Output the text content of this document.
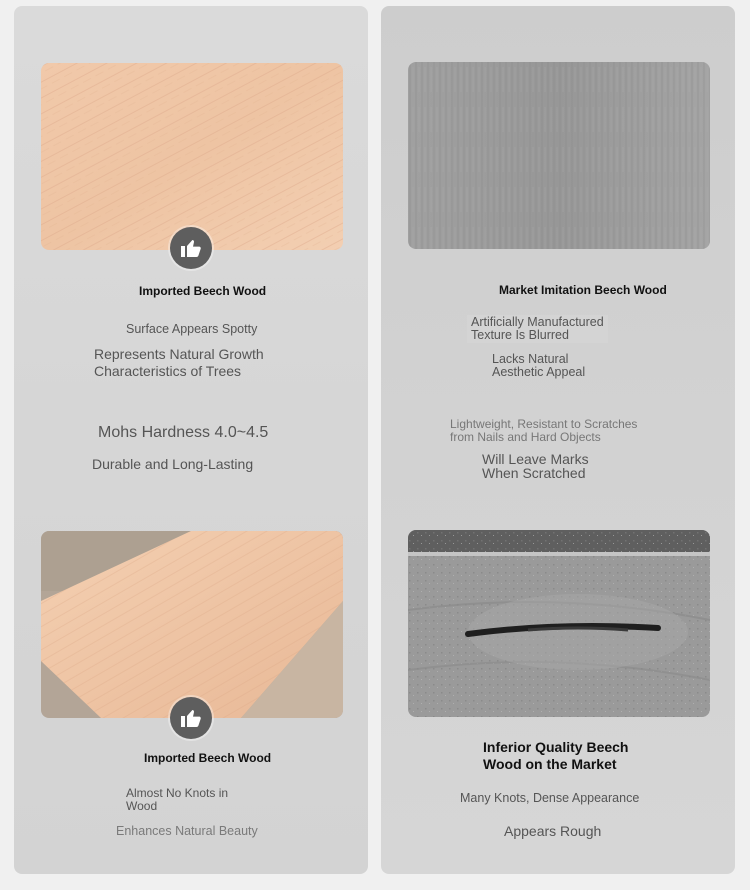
Imported Beech Wood

Surface Appears Spotty

Represents Natural Growth
Characteristics of Trees

Mohs Hardness 4.0~4.5

Durable and Long-Lasting

Imported Beech Wood

Almost No Knots in
Wood

Enhances Natural Beauty

Market Imitation Beech Wood

Artificially Manufactured
Texture Is Blurred

Lacks Natural
Aesthetic Appeal

Lightweight, Resistant to Scratches
from Nails and Hard Objects

Will Leave Marks
When Scratched

Inferior Quality Beech
Wood on the Market

Many Knots, Dense Appearance

Appears Rough
